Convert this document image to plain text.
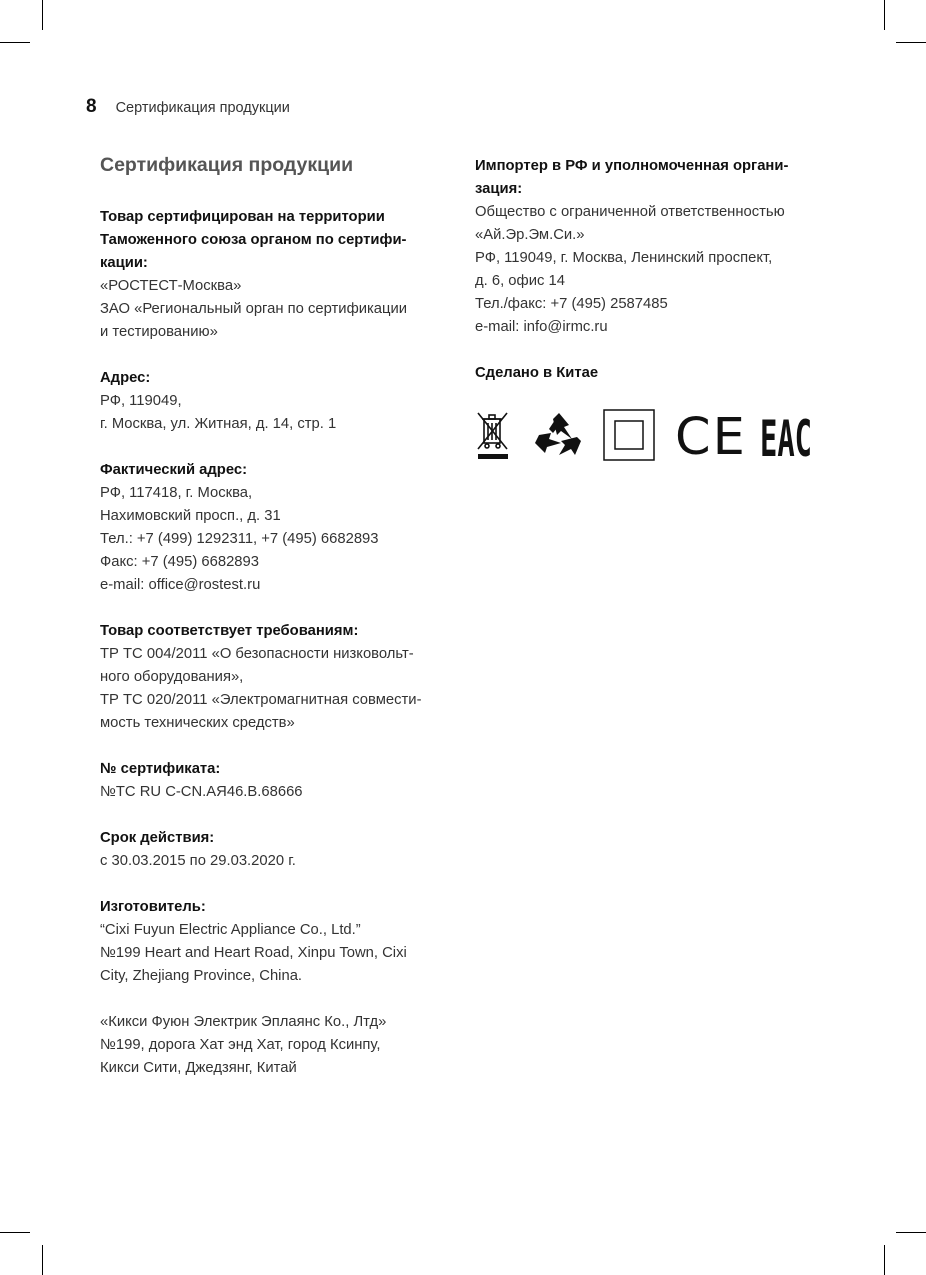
8 Сертификация продукции
Сертификация продукции
Товар сертифицирован на территории
Таможенного союза органом по сертифи-
кации:
«РОСТЕСТ-Москва»
ЗАО «Региональный орган по сертификации
и тестированию»
Адрес:
РФ, 119049,
г. Москва, ул. Житная, д. 14, стр. 1
Фактический адрес:
РФ, 117418, г. Москва,
Нахимовский просп., д. 31
Тел.: +7 (499) 1292311, +7 (495) 6682893
Факс: +7 (495) 6682893
e-mail: office@rostest.ru
Товар соответствует требованиям:
ТР ТС 004/2011 «О безопасности низковольт-
ного оборудования»,
ТР ТС 020/2011 «Электромагнитная совмести-
мость технических средств»
№ сертификата:
№ТС RU С-CN.АЯ46.В.68666
Срок действия:
с 30.03.2015 по 29.03.2020 г.
Изготовитель:
“Cixi Fuyun Electric Appliance Co., Ltd.”
№199 Heart and Heart Road, Xinpu Town, Cixi
City, Zhejiang Province, China.
«Кикси Фуюн Электрик Эплаянс Ко., Лтд»
№199, дорога Хат энд Хат, город Ксинпу,
Кикси Сити, Джедзянг, Китай
Импортер в РФ и уполномоченная органи-
зация:
Общество с ограниченной ответственностью
«Ай.Эр.Эм.Си.»
РФ, 119049, г. Москва, Ленинский проспект,
д. 6, офис 14
Тел./факс: +7 (495) 2587485
e-mail: info@irmc.ru
Сделано в Китае
CE EAC
